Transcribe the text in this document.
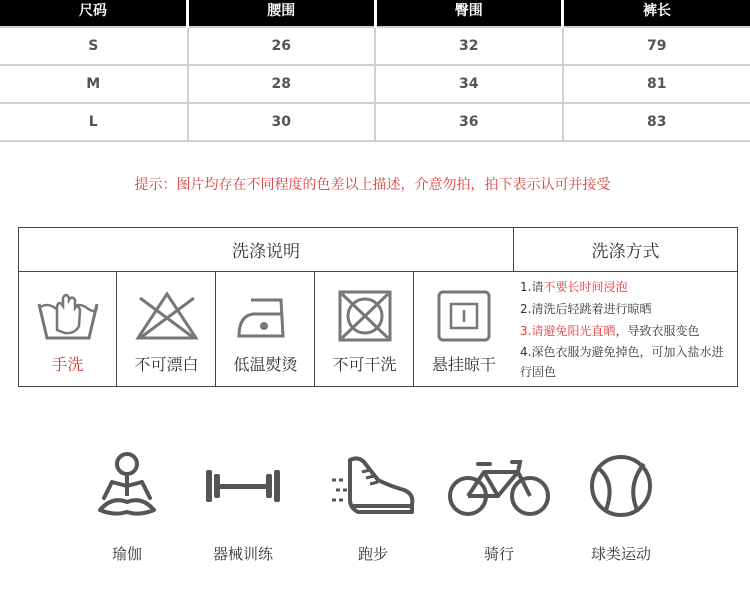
尺码	腰围	臀围	裤长
S	26	32	79
M	28	34	81
L	30	36	83
提示：图片均存在不同程度的色差以上描述，介意勿拍，拍下表示认可并接受
洗涤说明	洗涤方式
手洗	不可漂白	低温熨烫	不可干洗	悬挂晾干

1.请不要长时间浸泡

2.清洗后轻跳着进行晾晒

3.请避免阳光直晒，导致衣服变色

4.深色衣服为避免掉色，可加入盐水进行固色

瑜伽	器械训练	跑步	骑行	球类运动
